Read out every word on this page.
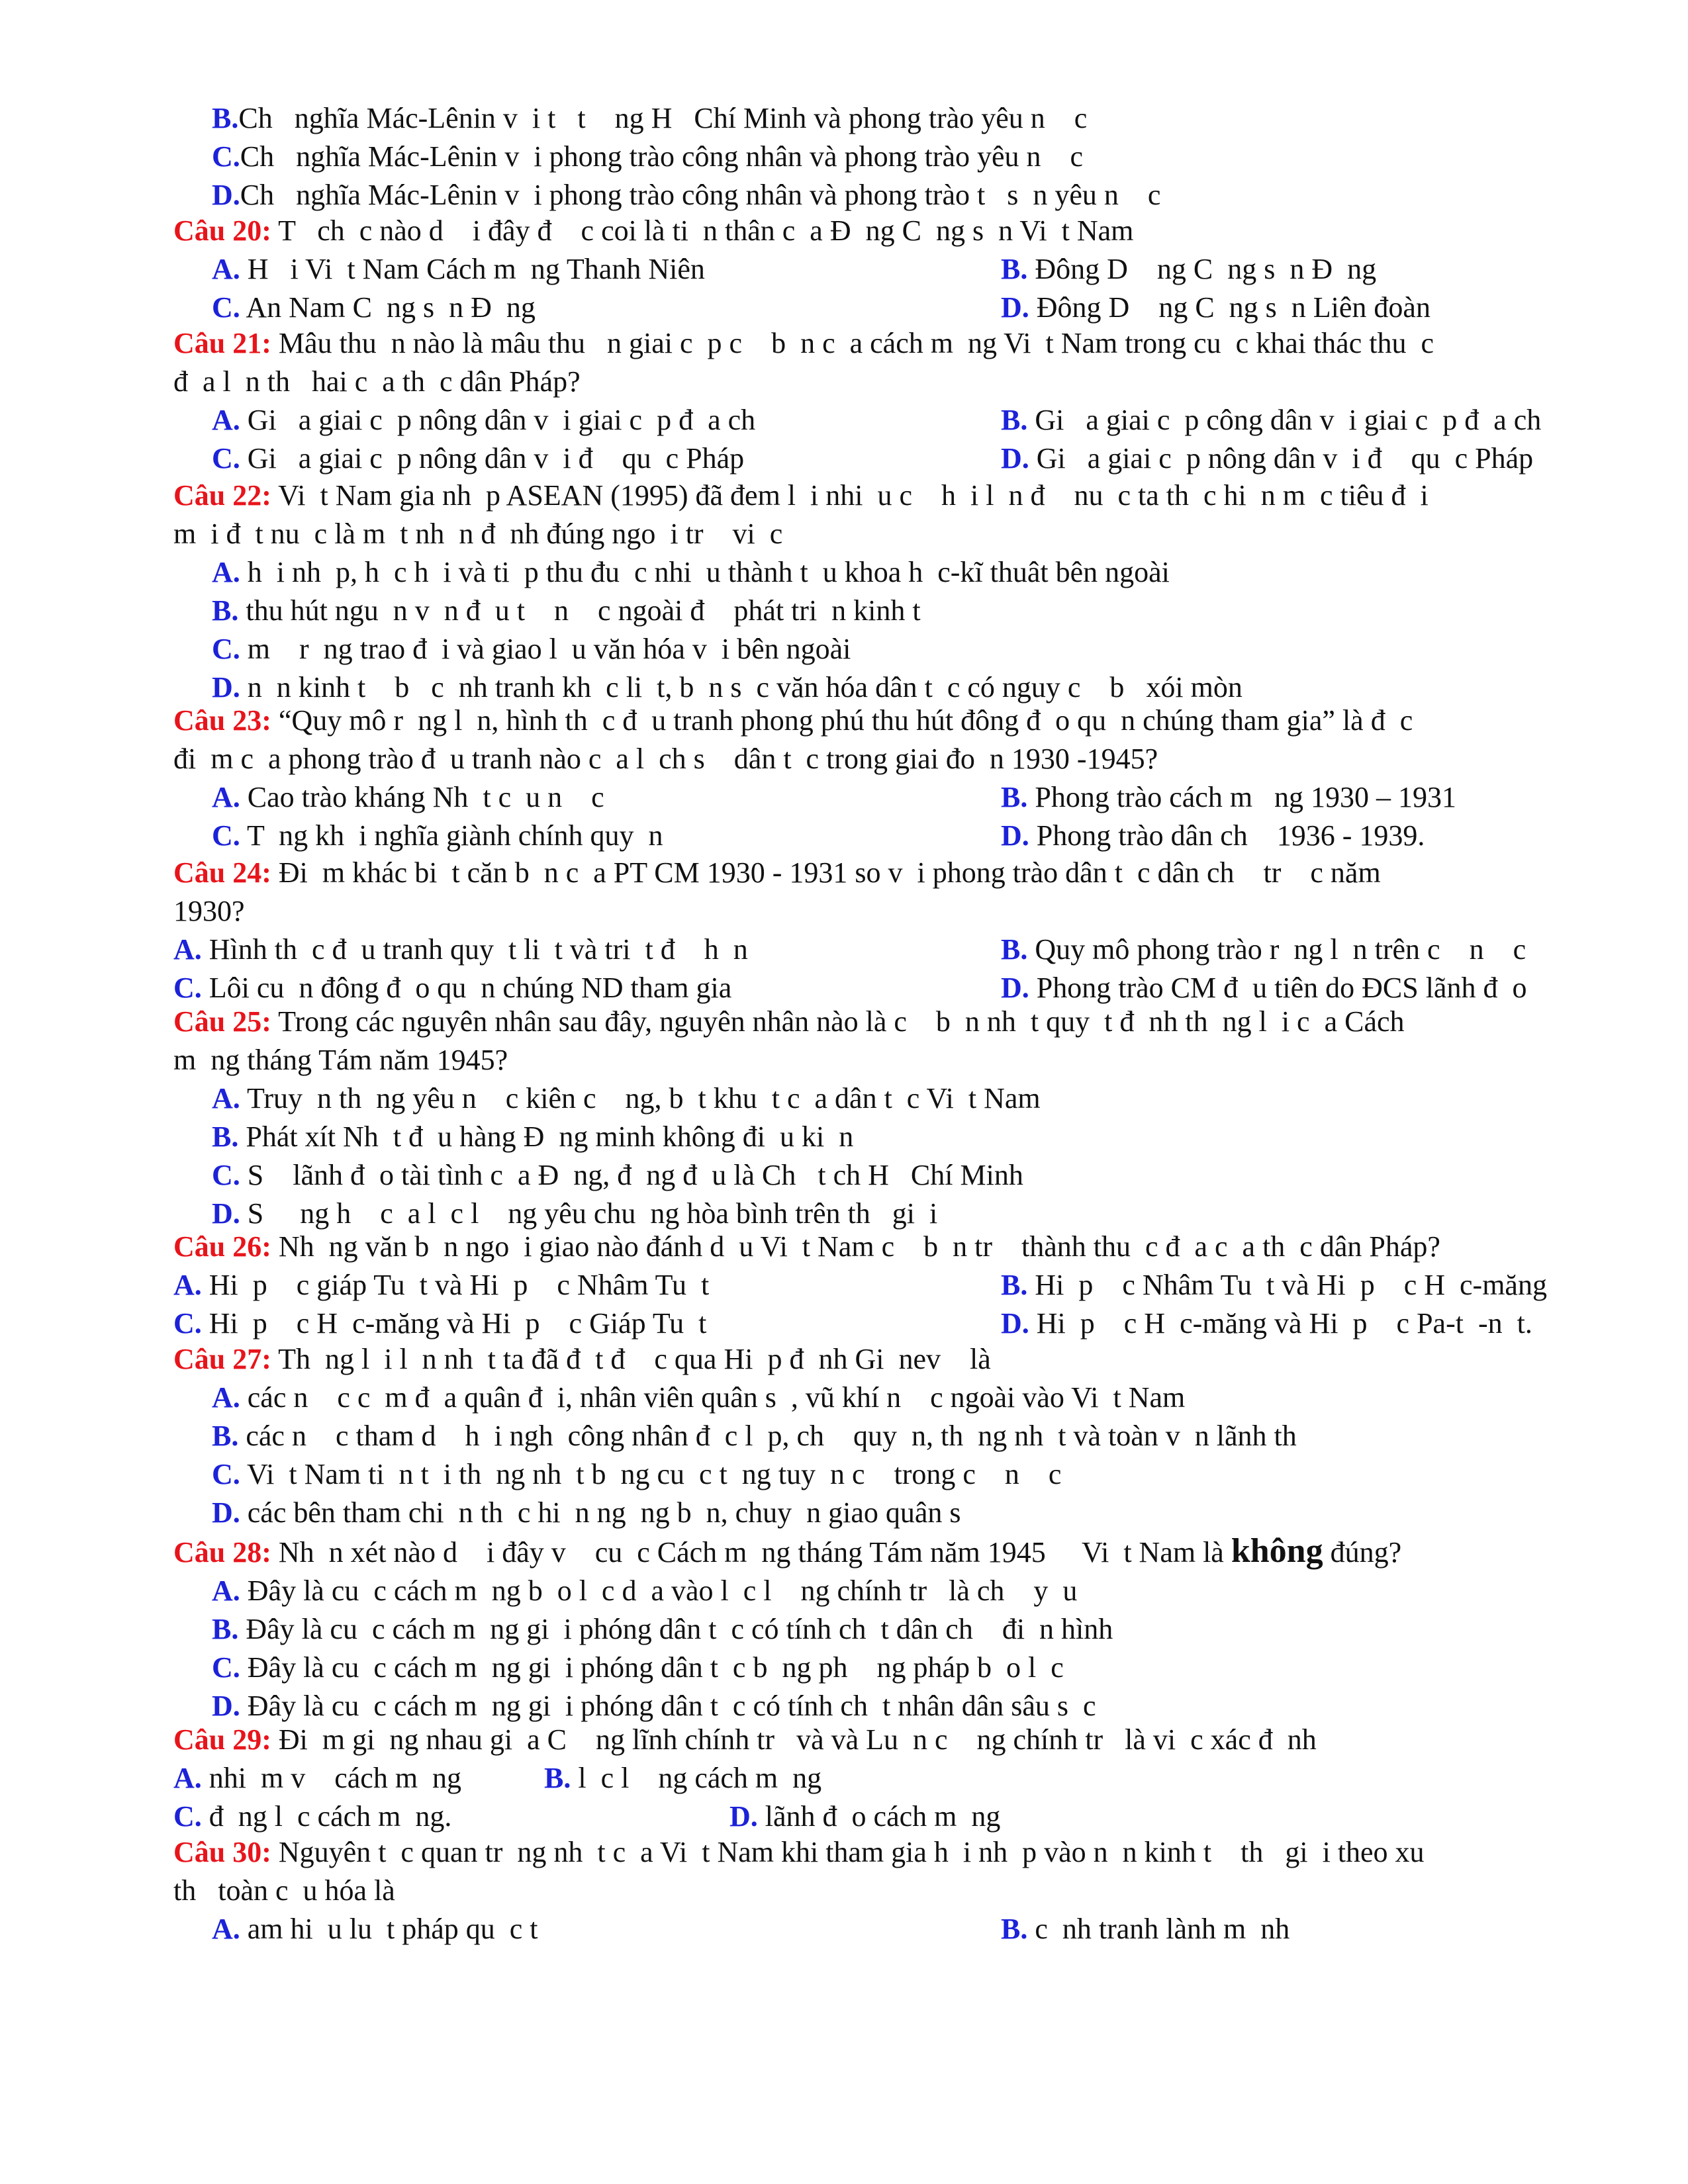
B.Ch   nghĩa Mác-Lênin v  i t   t    ng H   Chí Minh và phong trào yêu n    c
C.Ch   nghĩa Mác-Lênin v  i phong trào công nhân và phong trào yêu n    c
D.Ch   nghĩa Mác-Lênin v  i phong trào công nhân và phong trào t   s  n yêu n    c
Câu 20: T   ch  c nào d    i đây đ    c coi là ti  n thân c  a Đ  ng C  ng s  n Vi  t Nam
A. H   i Vi  t Nam Cách m  ng Thanh Niên	B. Đông D    ng C  ng s  n Đ  ng
C. An Nam C  ng s  n Đ  ng	D. Đông D    ng C  ng s  n Liên đoàn
Câu 21: Mâu thu  n nào là mâu thu   n giai c  p c    b  n c  a cách m  ng Vi  t Nam trong cu  c khai thác thu  c
đ  a l  n th   hai c  a th  c dân Pháp?
A. Gi   a giai c  p nông dân v  i giai c  p đ  a ch	B. Gi   a giai c  p công dân v  i giai c  p đ  a ch
C. Gi   a giai c  p nông dân v  i đ    qu  c Pháp	D. Gi   a giai c  p nông dân v  i đ    qu  c Pháp
Câu 22: Vi  t Nam gia nh  p ASEAN (1995) đã đem l  i nhi  u c    h  i l  n đ    nu  c ta th  c hi  n m  c tiêu đ  i
m  i đ  t nu  c là m  t nh  n đ  nh đúng ngo  i tr    vi  c
A. h  i nh  p, h  c h  i và ti  p thu đu  c nhi  u thành t  u khoa h  c-kĩ thuât bên ngoài
B. thu hút ngu  n v  n đ  u t    n    c ngoài đ    phát tri  n kinh t
C. m    r  ng trao đ  i và giao l  u văn hóa v  i bên ngoài
D. n  n kinh t    b   c  nh tranh kh  c li  t, b  n s  c văn hóa dân t  c có nguy c    b   xói mòn
Câu 23: “Quy mô r  ng l  n, hình th  c đ  u tranh phong phú thu hút đông đ  o qu  n chúng tham gia” là đ  c
đi  m c  a phong trào đ  u tranh nào c  a l  ch s    dân t  c trong giai đo  n 1930 -1945?
A. Cao trào kháng Nh  t c  u n    c	B. Phong trào cách m   ng 1930 – 1931
C. T  ng kh  i nghĩa giành chính quy  n	D. Phong trào dân ch    1936 - 1939.
Câu 24: Đi  m khác bi  t căn b  n c  a PT CM 1930 - 1931 so v  i phong trào dân t  c dân ch    tr    c năm
1930?
A. Hình th  c đ  u tranh quy  t li  t và tri  t đ    h  n	B. Quy mô phong trào r  ng l  n trên c    n    c
C. Lôi cu  n đông đ  o qu  n chúng ND tham gia	D. Phong trào CM đ  u tiên do ĐCS lãnh đ  o
Câu 25: Trong các nguyên nhân sau đây, nguyên nhân nào là c    b  n nh  t quy  t đ  nh th  ng l  i c  a Cách
m  ng tháng Tám năm 1945?
A. Truy  n th  ng yêu n    c kiên c    ng, b  t khu  t c  a dân t  c Vi  t Nam
B. Phát xít Nh  t đ  u hàng Đ  ng minh không đi  u ki  n
C. S    lãnh đ  o tài tình c  a Đ  ng, đ  ng đ  u là Ch   t ch H   Chí Minh
D. S     ng h    c  a l  c l    ng yêu chu  ng hòa bình trên th   gi  i
Câu 26: Nh  ng văn b  n ngo  i giao nào đánh d  u Vi  t Nam c    b  n tr    thành thu  c đ  a c  a th  c dân Pháp?
A. Hi  p    c giáp Tu  t và Hi  p    c Nhâm Tu  t	B. Hi  p    c Nhâm Tu  t và Hi  p    c H  c-măng
C. Hi  p    c H  c-măng và Hi  p    c Giáp Tu  t	D. Hi  p    c H  c-măng và Hi  p    c Pa-t  -n  t.
Câu 27: Th  ng l  i l  n nh  t ta đã đ  t đ    c qua Hi  p đ  nh Gi  nev    là
A. các n    c c  m đ  a quân đ  i, nhân viên quân s  , vũ khí n    c ngoài vào Vi  t Nam
B. các n    c tham d    h  i ngh  công nhân đ  c l  p, ch    quy  n, th  ng nh  t và toàn v  n lãnh th
C. Vi  t Nam ti  n t  i th  ng nh  t b  ng cu  c t  ng tuy  n c    trong c    n    c
D. các bên tham chi  n th  c hi  n ng  ng b  n, chuy  n giao quân s
Câu 28: Nh  n xét nào d    i đây v    cu  c Cách m  ng tháng Tám năm 1945     Vi  t Nam là không đúng?
A. Đây là cu  c cách m  ng b  o l  c d  a vào l  c l    ng chính tr   là ch    y  u
B. Đây là cu  c cách m  ng gi  i phóng dân t  c có tính ch  t dân ch    đi  n hình
C. Đây là cu  c cách m  ng gi  i phóng dân t  c b  ng ph    ng pháp b  o l  c
D. Đây là cu  c cách m  ng gi  i phóng dân t  c có tính ch  t nhân dân sâu s  c
Câu 29: Đi  m gi  ng nhau gi  a C    ng lĩnh chính tr   và và Lu  n c    ng chính tr   là vi  c xác đ  nh
A. nhi  m v    cách m  ng	B. l  c l    ng cách m  ng
C. đ  ng l  c cách m  ng.	D. lãnh đ  o cách m  ng
Câu 30: Nguyên t  c quan tr  ng nh  t c  a Vi  t Nam khi tham gia h  i nh  p vào n  n kinh t    th   gi  i theo xu
th   toàn c  u hóa là
A. am hi  u lu  t pháp qu  c t	B. c  nh tranh lành m  nh
